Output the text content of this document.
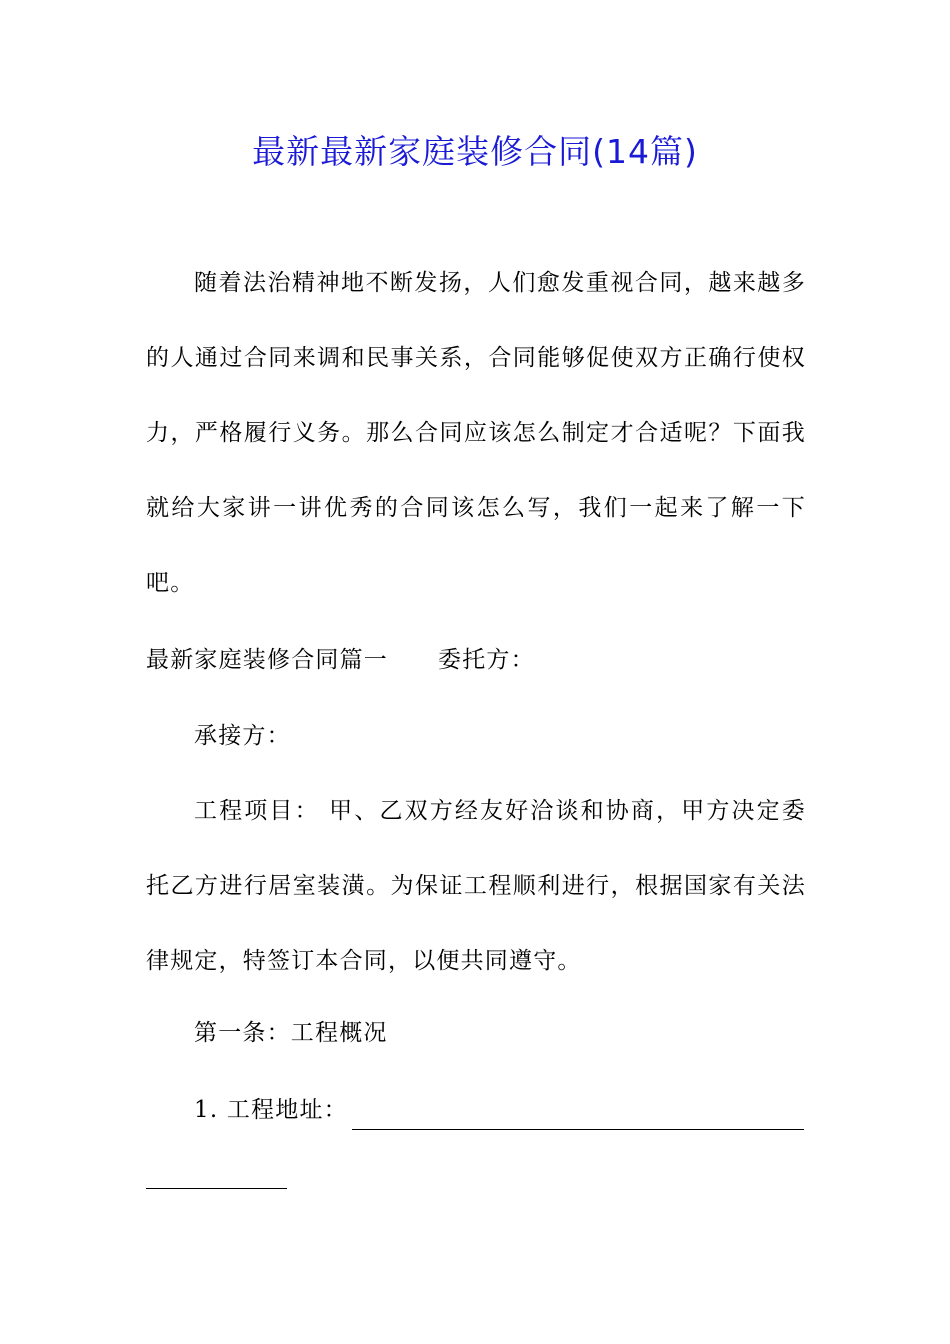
最新最新家庭装修合同(14篇)
随着法治精神地不断发扬，人们愈发重视合同，越来越多的人通过合同来调和民事关系，合同能够促使双方正确行使权力，严格履行义务。那么合同应该怎么制定才合适呢？下面我就给大家讲一讲优秀的合同该怎么写，我们一起来了解一下吧。
最新家庭装修合同篇一 委托方：
承接方：
工程项目： 甲、乙双方经友好洽谈和协商，甲方决定委托乙方进行居室装潢。为保证工程顺利进行，根据国家有关法律规定，特签订本合同，以便共同遵守。
第一条：工程概况
1. 工程地址：
